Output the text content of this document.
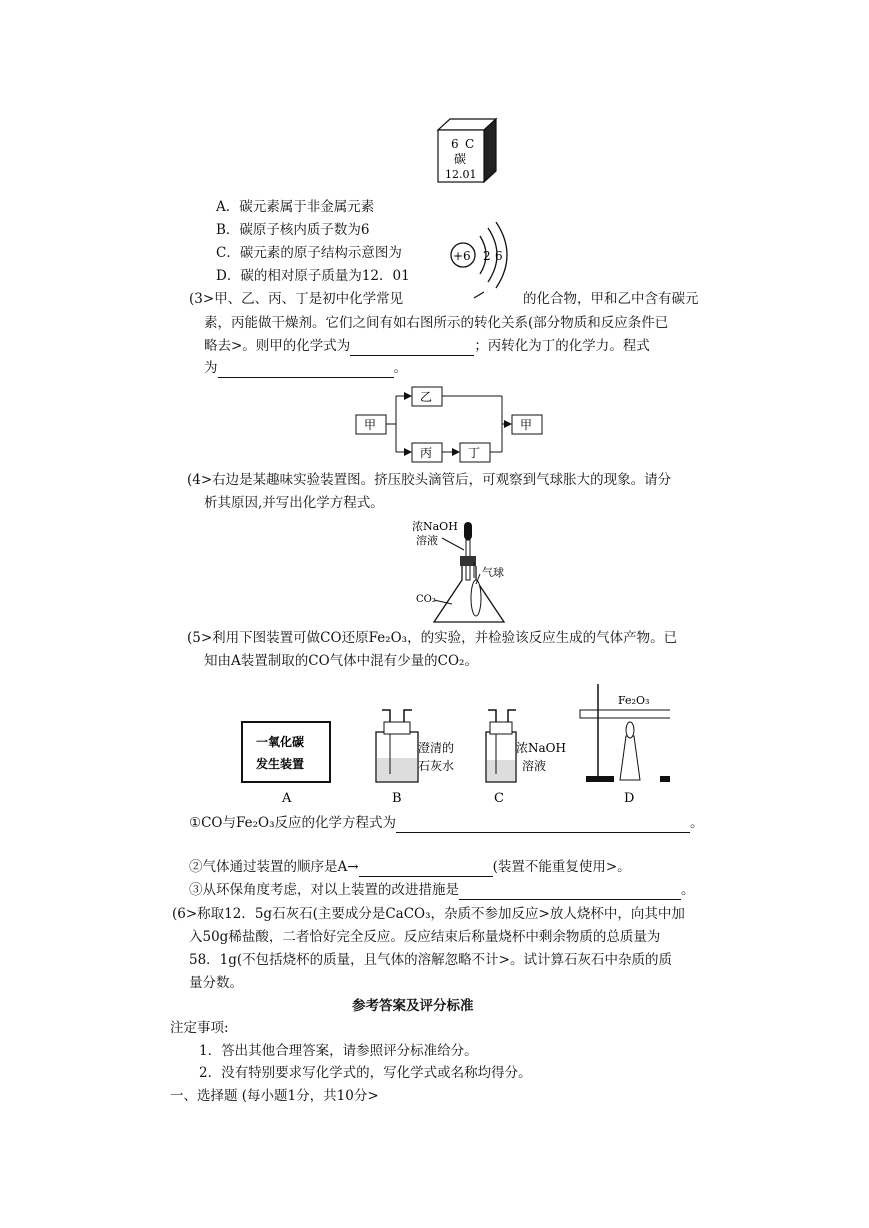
6 C
碳
12.01
A．碳元素属于非金属元素
B．碳原子核内质子数为6
C．碳元素的原子结构示意图为
D．碳的相对原子质量为12．01
+6 2 6
(3>甲、乙、丙、丁是初中化学常见	的化合物，甲和乙中含有碳元
素，丙能做干燥剂。它们之间有如右图所示的转化关系(部分物质和反应条件已
略去>。则甲的化学式为	；丙转化为丁的化学力。程式
为	。
甲
乙
丙	丁
甲
(4>右边是某趣味实验装置图。挤压胶头滴管后，可观察到气球胀大的现象。请分
析其原因,并写出化学方程式。
浓NaOH
溶液
气球
CO₂
(5>利用下图装置可做CO还原Fe₂O₃，的实验，并检验该反应生成的气体产物。已
知由A装置制取的CO气体中混有少量的CO₂。
一氧化碳
发生装置
A
澄清的
石灰水
B
浓NaOH
溶液
C
Fe₂O₃
D
①CO与Fe₂O₃反应的化学方程式为	。
②气体通过装置的顺序是A→	(装置不能重复使用>。
③从环保角度考虑，对以上装置的改进措施是	。
(6>称取12．5g石灰石(主要成分是CaCO₃，杂质不参加反应>放人烧杯中，向其中加
入50g稀盐酸，二者恰好完全反应。反应结束后称量烧杯中剩余物质的总质量为
58．1g(不包括烧杯的质量，且气体的溶解忽略不计>。试计算石灰石中杂质的质
量分数。
参考答案及评分标准
注定事项:
1．答出其他合理答案，请参照评分标准给分。
2．没有特别要求写化学式的，写化学式或名称均得分。
一、选择题 (每小题1分，共10分>
